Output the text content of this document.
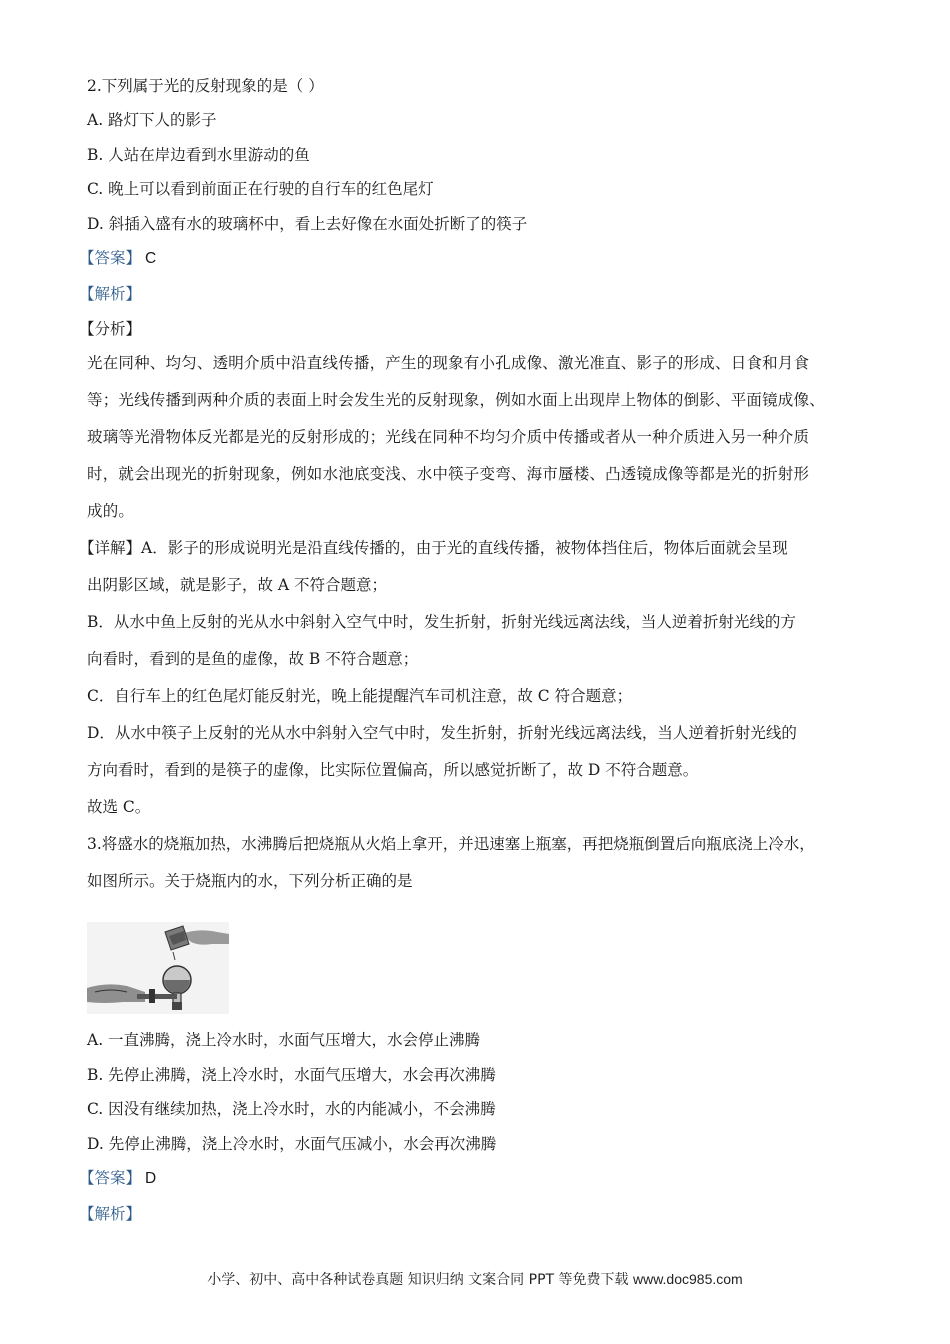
2.下列属于光的反射现象的是（ ）

A. 路灯下人的影子

B. 人站在岸边看到水里游动的鱼

C. 晚上可以看到前面正在行驶的自行车的红色尾灯

D. 斜插入盛有水的玻璃杯中，看上去好像在水面处折断了的筷子

【答案】 C

【解析】

【分析】

光在同种、均匀、透明介质中沿直线传播，产生的现象有小孔成像、激光准直、影子的形成、日食和月食

等；光线传播到两种介质的表面上时会发生光的反射现象，例如水面上出现岸上物体的倒影、平面镜成像、

玻璃等光滑物体反光都是光的反射形成的；光线在同种不均匀介质中传播或者从一种介质进入另一种介质

时，就会出现光的折射现象，例如水池底变浅、水中筷子变弯、海市蜃楼、凸透镜成像等都是光的折射形

成的。

【详解】A．影子的形成说明光是沿直线传播的，由于光的直线传播，被物体挡住后，物体后面就会呈现

出阴影区域，就是影子，故 A 不符合题意；

B．从水中鱼上反射的光从水中斜射入空气中时，发生折射，折射光线远离法线，当人逆着折射光线的方

向看时，看到的是鱼的虚像，故 B 不符合题意；

C．自行车上的红色尾灯能反射光，晚上能提醒汽车司机注意，故 C 符合题意；

D．从水中筷子上反射的光从水中斜射入空气中时，发生折射，折射光线远离法线，当人逆着折射光线的

方向看时，看到的是筷子的虚像，比实际位置偏高，所以感觉折断了，故 D 不符合题意。

故选 C。

3.将盛水的烧瓶加热，水沸腾后把烧瓶从火焰上拿开，并迅速塞上瓶塞，再把烧瓶倒置后向瓶底浇上冷水，

如图所示。关于烧瓶内的水，下列分析正确的是

A. 一直沸腾，浇上冷水时，水面气压增大，水会停止沸腾

B. 先停止沸腾，浇上冷水时，水面气压增大，水会再次沸腾

C. 因没有继续加热，浇上冷水时，水的内能减小，不会沸腾

D. 先停止沸腾，浇上冷水时，水面气压减小，水会再次沸腾

【答案】 D

【解析】

小学、初中、高中各种试卷真题 知识归纳 文案合同 PPT 等免费下载 www.doc985.com
